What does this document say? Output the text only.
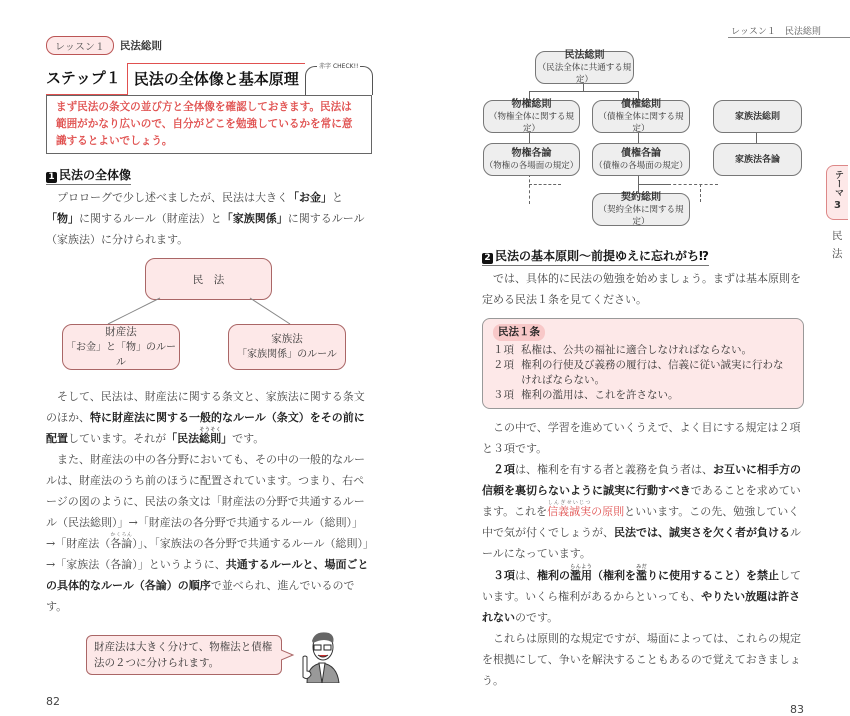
レッスン１	民法総則
ステップ１ 民法の全体像と基本原理
赤字 CHECK!!
まず民法の条文の並び方と全体像を確認しておきます。民法は範囲がかなり広いので、自分がどこを勉強しているかを常に意識するとよいでしょう。
1 民法の全体像

プロローグで少し述べましたが、民法は大きく「お金」と「物」に関するルール（財産法）と「家族関係」に関するルール（家族法）に分けられます。

民　法
財産法
「お金」と「物」のルール
家族法
「家族関係」のルール

そして、民法は、財産法に関する条文と、家族法に関する条文のほか、特に財産法に関する一般的なルール（条文）をその前に配置しています。それが「民法総則そうそく」です。

また、財産法の中の各分野においても、その中の一般的なルールは、財産法のうち前のほうに配置されています。つまり、右ページの図のように、民法の条文は「財産法の分野で共通するルール（民法総則）」→「財産法の各分野で共通するルール（総則）」→「財産法（各論かくろん）」、「家族法の各分野で共通するルール（総則）」→「家族法（各論）」というように、共通するルールと、場面ごとの具体的なルール（各論）の順序で並べられ、進んでいるのです。

財産法は大きく分けて、物権法と債権法の２つに分けられます。
82
レッスン１　民法総則
民法総則
（民法全体に共通する規定）
物権総則
（物権全体に関する規定）
債権総則
（債権全体に関する規定）
家族法総則
物権各論
（物権の各場面の規定）
債権各論
（債権の各場面の規定）
家族法各論
契約総則
（契約全体に関する規定）
テーマ
3
民
法
2 民法の基本原則〜前提ゆえに忘れがち⁉

では、具体的に民法の勉強を始めましょう。まずは基本原則を定める民法１条を見てください。

民法１条
１項 私権は、公共の福祉に適合しなければならない。
２項 権利の行使及び義務の履行は、信義に従い誠実に行わなければならない。
３項 権利の濫用は、これを許さない。

この中で、学習を進めていくうえで、よく目にする規定は２項と３項です。

２項は、権利を有する者と義務を負う者は、お互いに相手方の信頼を裏切らないように誠実に行動すべきであることを求めています。これを信義誠実しんぎせいじつの原則といいます。この先、勉強していく中で気が付くでしょうが、民法では、誠実さを欠く者が負けるルールになっています。

３項は、権利の濫用らんよう（権利を濫みだりに使用すること）を禁止しています。いくら権利があるからといっても、やりたい放題は許されないのです。

これらは原則的な規定ですが、場面によっては、これらの規定を根拠にして、争いを解決することもあるので覚えておきましょう。

83
